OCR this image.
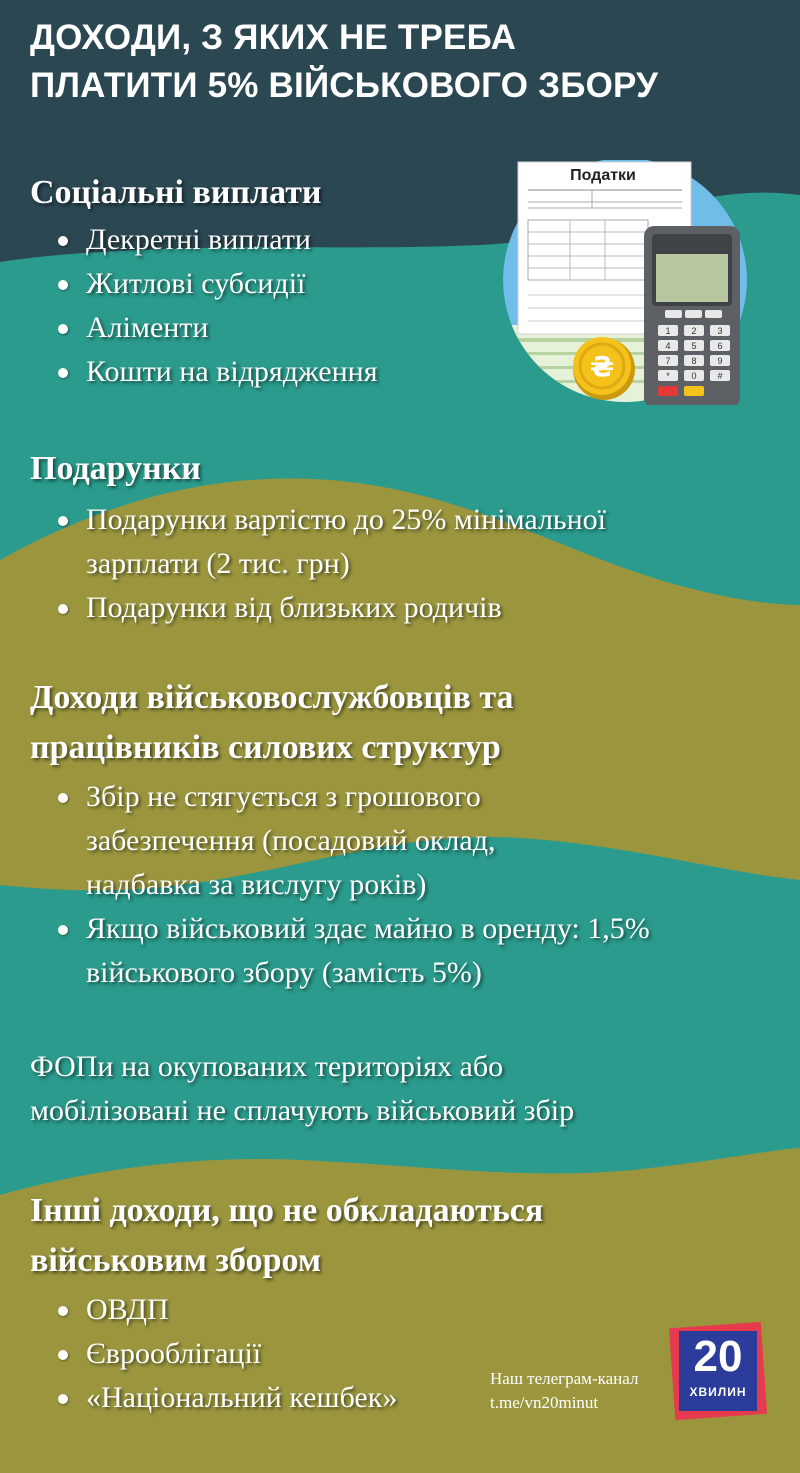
ДОХОДИ, З ЯКИХ НЕ ТРЕБА
ПЛАТИТИ 5% ВІЙСЬКОВОГО ЗБОРУ
Податки
1 2 3
4 5 6
7 8 9
* 0 #
₴
Соціальні виплати
Декретні виплати
Житлові субсидії
Аліменти
Кошти на відрядження
Подарунки
Подарунки вартістю до 25% мінімальної зарплати (2 тис. грн)
Подарунки від близьких родичів
Доходи військовослужбовців та
працівників силових структур
Збір не стягується з грошового забезпечення (посадовий оклад, надбавка за вислугу років)
Якщо військовий здає майно в оренду: 1,5% військового збору (замість 5%)

ФОПи на окупованих територіях або
мобілізовані не сплачують військовий збір

Інші доходи, що не обкладаються
військовим збором
ОВДП
Єврооблігації
«Національний кешбек»

Наш телеграм-канал

t.me/vn20minut

20
ХВИЛИН
